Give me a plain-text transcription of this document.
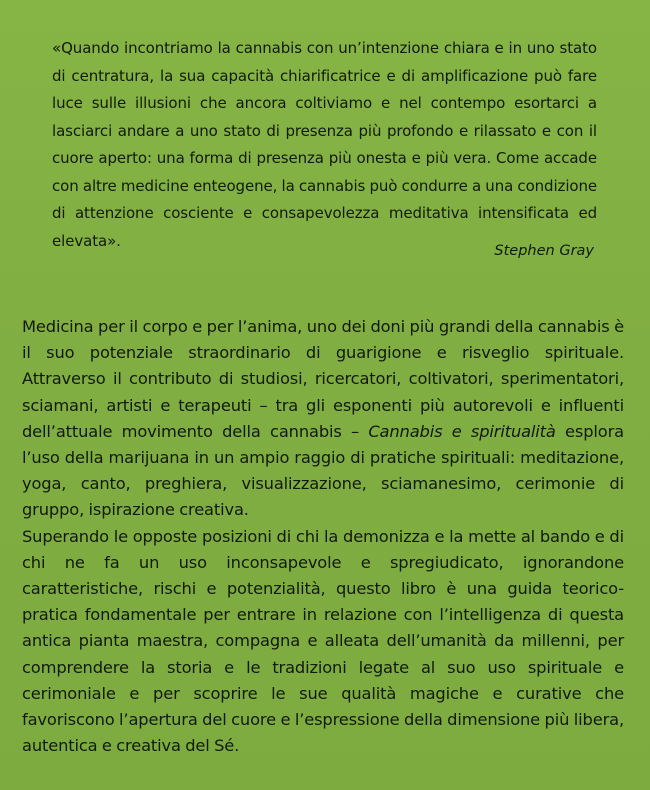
«Quando incontriamo la cannabis con un’intenzione chiara e in uno stato di centratura, la sua capacità chiarificatrice e di amplificazione può fare luce sulle illusioni che ancora coltiviamo e nel contempo esortarci a lasciarci andare a uno stato di presenza più profondo e rilassato e con il cuore aperto: una forma di presenza più onesta e più vera. Come accade con altre medicine enteogene, la cannabis può condurre a una condizione di attenzione cosciente e consapevolezza meditativa intensificata ed elevata».

Stephen Gray

Medicina per il corpo e per l’anima, uno dei doni più grandi della cannabis è il suo potenziale straordinario di guarigione e risveglio spirituale. Attraverso il contributo di studiosi, ricercatori, coltivatori, sperimentatori, sciamani, artisti e terapeuti – tra gli esponenti più autorevoli e influenti dell’attuale movimento della cannabis – Cannabis e spiritualità esplora l’uso della marijuana in un ampio raggio di pratiche spirituali: meditazione, yoga, canto, preghiera, visualizzazione, sciamanesimo, cerimonie di gruppo, ispirazione creativa.

Superando le opposte posizioni di chi la demonizza e la mette al bando e di chi ne fa un uso inconsapevole e spregiudicato, ignorandone caratteristiche, rischi e potenzialità, questo libro è una guida teorico-pratica fondamentale per entrare in relazione con l’intelligenza di questa antica pianta maestra, compagna e alleata dell’umanità da millenni, per comprendere la storia e le tradizioni legate al suo uso spirituale e cerimoniale e per scoprire le sue qualità magiche e curative che favoriscono l’apertura del cuore e l’espressione della dimensione più libera, autentica e creativa del Sé.
